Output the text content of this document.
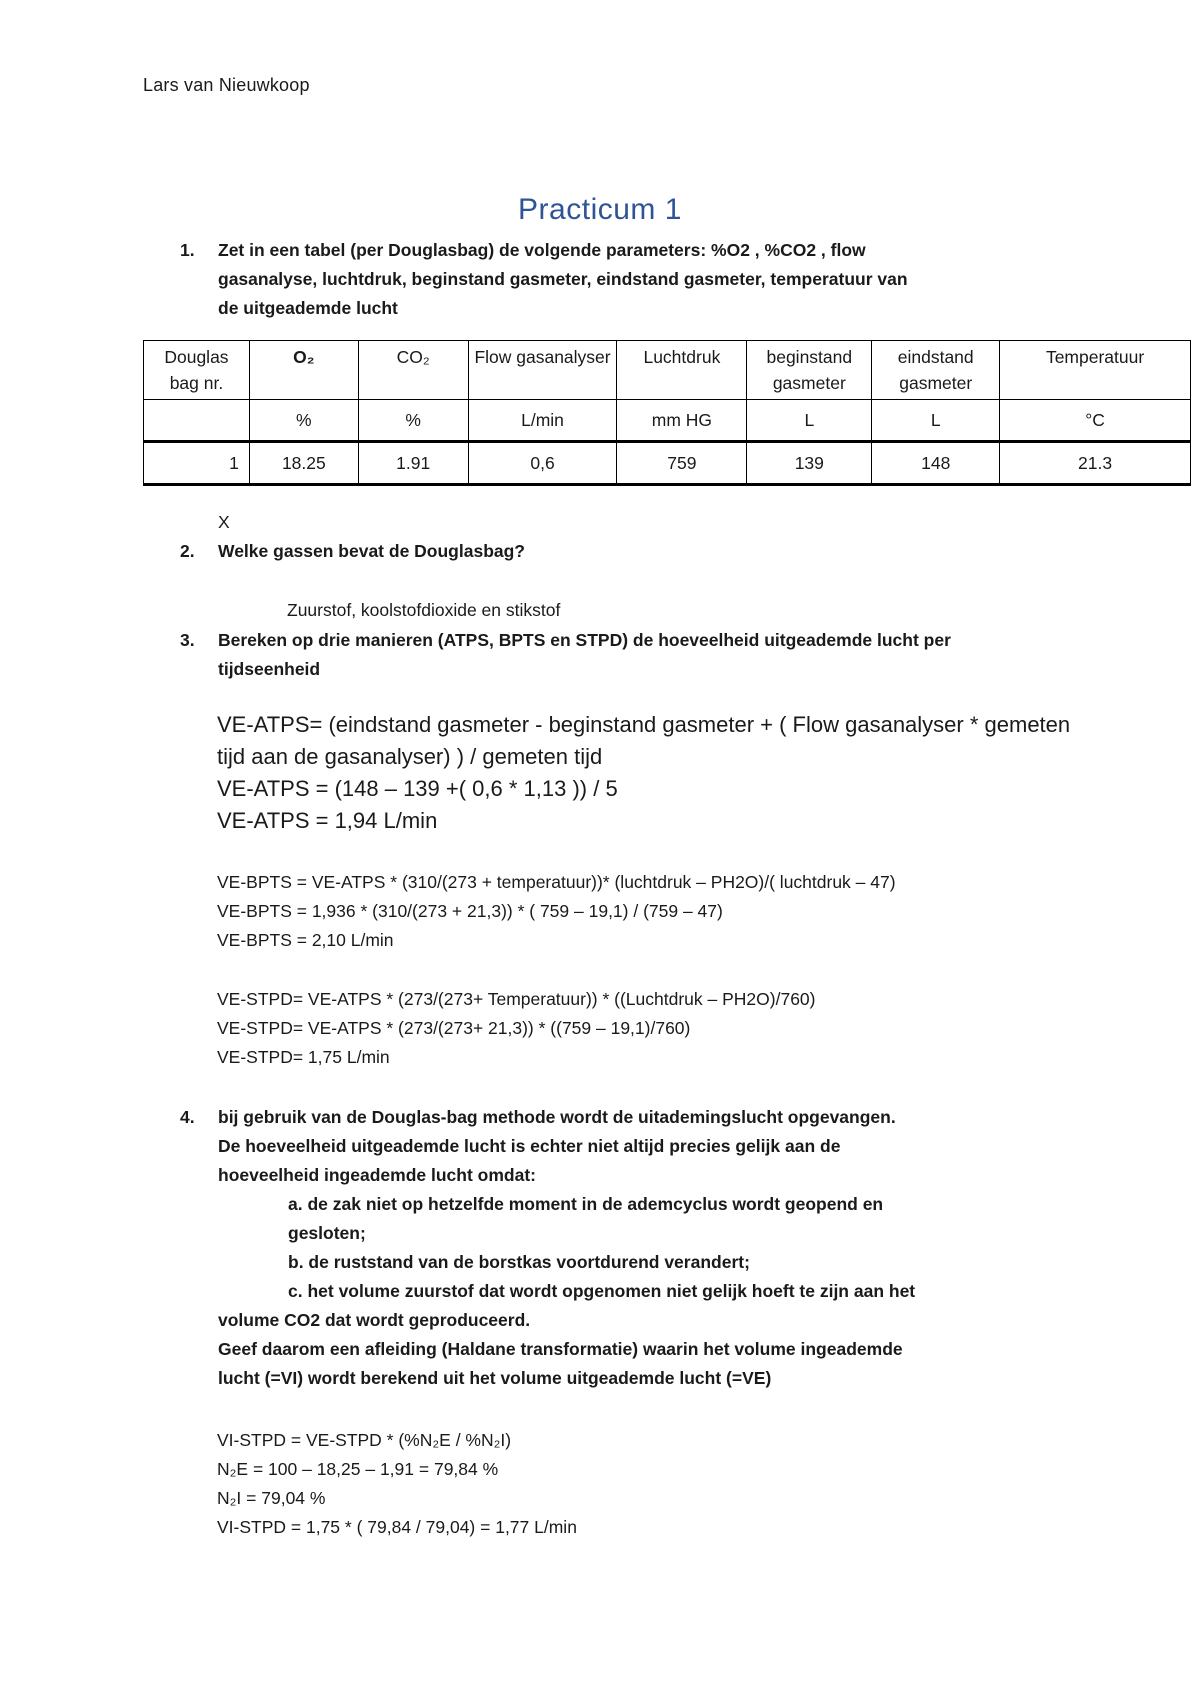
Lars van Nieuwkoop
Practicum 1
1. Zet in een tabel (per Douglasbag) de volgende parameters: %O2 , %CO2 , flow
gasanalyse, luchtdruk, beginstand gasmeter, eindstand gasmeter, temperatuur van
de uitgeademde lucht
Douglas bag nr.	O₂	CO₂	Flow gasanalyser	Luchtdruk	beginstand gasmeter	eindstand gasmeter	Temperatuur
	%	%	L/min	mm HG	L	L	°C
1	18.25	1.91	0,6	759	139	148	21.3
X
2. Welke gassen bevat de Douglasbag?
Zuurstof, koolstofdioxide en stikstof
3. Bereken op drie manieren (ATPS, BPTS en STPD) de hoeveelheid uitgeademde lucht per
tijdseenheid
VE-ATPS= (eindstand gasmeter - beginstand gasmeter + ( Flow gasanalyser * gemeten
tijd aan de gasanalyser) ) / gemeten tijd
VE-ATPS = (148 – 139 +( 0,6 * 1,13 )) / 5
VE-ATPS = 1,94 L/min
VE-BPTS = VE-ATPS * (310/(273 + temperatuur))* (luchtdruk – PH2O)/( luchtdruk – 47)
VE-BPTS = 1,936 * (310/(273 + 21,3)) * ( 759 – 19,1) / (759 – 47)
VE-BPTS = 2,10 L/min
VE-STPD= VE-ATPS * (273/(273+ Temperatuur)) * ((Luchtdruk – PH2O)/760)
VE-STPD= VE-ATPS * (273/(273+ 21,3)) * ((759 – 19,1)/760)
VE-STPD= 1,75 L/min
4. bij gebruik van de Douglas-bag methode wordt de uitademingslucht opgevangen.
De hoeveelheid uitgeademde lucht is echter niet altijd precies gelijk aan de
hoeveelheid ingeademde lucht omdat:
a. de zak niet op hetzelfde moment in de ademcyclus wordt geopend en
gesloten;
b. de ruststand van de borstkas voortdurend verandert;
c. het volume zuurstof dat wordt opgenomen niet gelijk hoeft te zijn aan het
volume CO2 dat wordt geproduceerd.
Geef daarom een afleiding (Haldane transformatie) waarin het volume ingeademde
lucht (=VI) wordt berekend uit het volume uitgeademde lucht (=VE)
VI-STPD = VE-STPD * (%N₂E / %N₂I)
N₂E = 100 – 18,25 – 1,91 = 79,84 %
N₂I = 79,04 %
VI-STPD = 1,75 * ( 79,84 / 79,04) = 1,77 L/min
